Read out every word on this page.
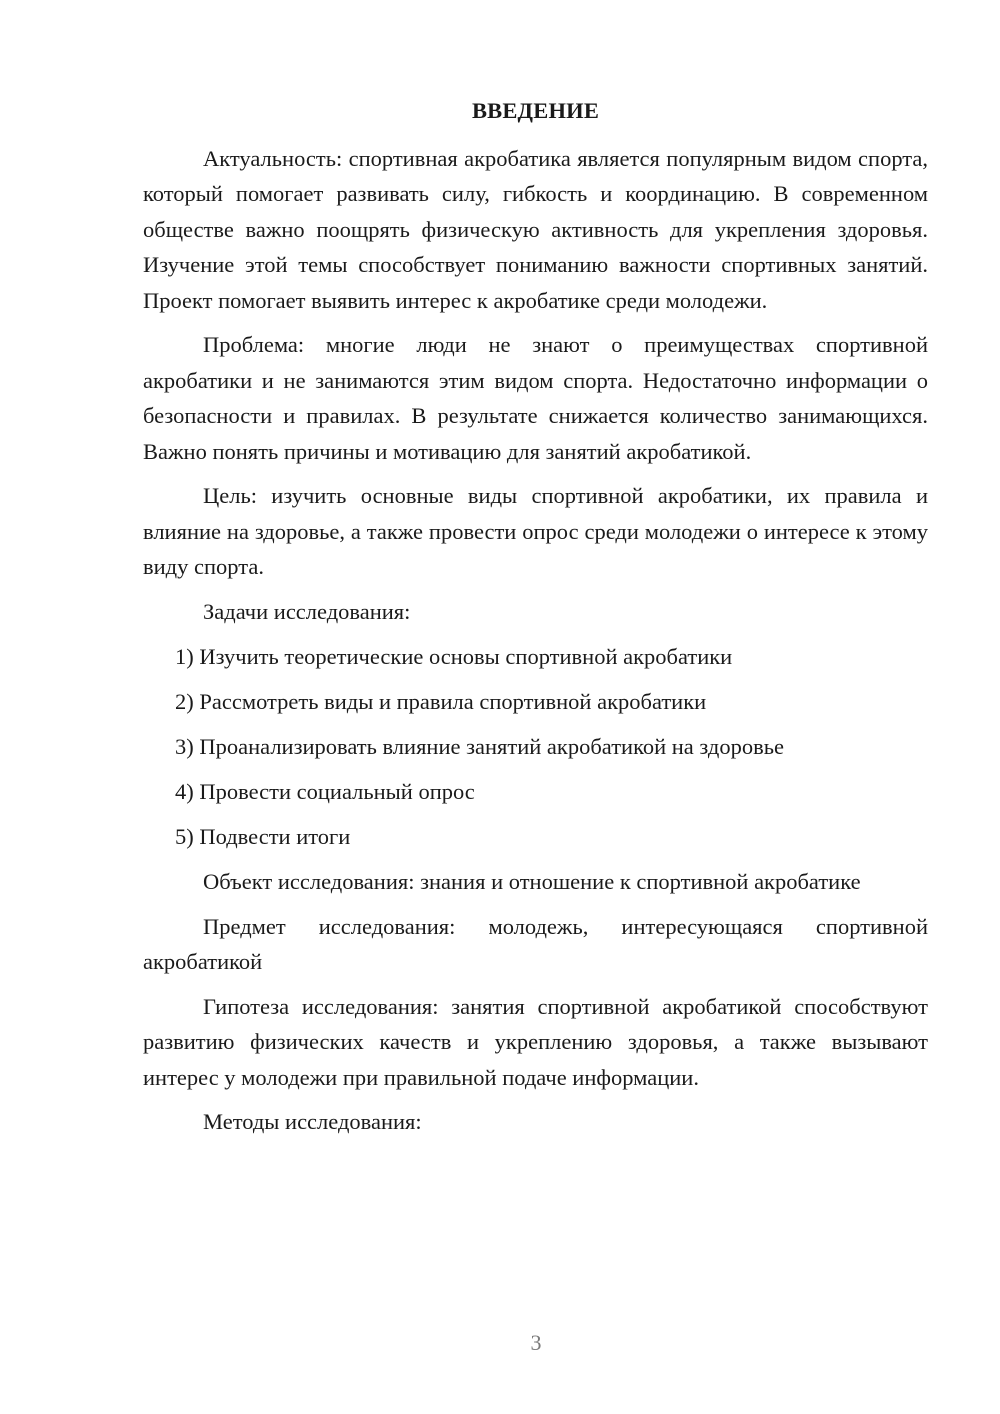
ВВЕДЕНИЕ

Актуальность: спортивная акробатика является популярным видом спорта, который помогает развивать силу, гибкость и координацию. В современном обществе важно поощрять физическую активность для укрепления здоровья. Изучение этой темы способствует пониманию важности спортивных занятий. Проект помогает выявить интерес к акробатике среди молодежи.

Проблема: многие люди не знают о преимуществах спортивной акробатики и не занимаются этим видом спорта. Недостаточно информации о безопасности и правилах. В результате снижается количество занимающихся. Важно понять причины и мотивацию для занятий акробатикой.

Цель: изучить основные виды спортивной акробатики, их правила и влияние на здоровье, а также провести опрос среди молодежи о интересе к этому виду спорта.

Задачи исследования:

1) Изучить теоретические основы спортивной акробатики
2) Рассмотреть виды и правила спортивной акробатики
3) Проанализировать влияние занятий акробатикой на здоровье
4) Провести социальный опрос
5) Подвести итоги

Объект исследования: знания и отношение к спортивной акробатике

Предмет исследования: молодежь, интересующаяся спортивной акробатикой

Гипотеза исследования: занятия спортивной акробатикой способствуют развитию физических качеств и укреплению здоровья, а также вызывают интерес у молодежи при правильной подаче информации.

Методы исследования:

3
